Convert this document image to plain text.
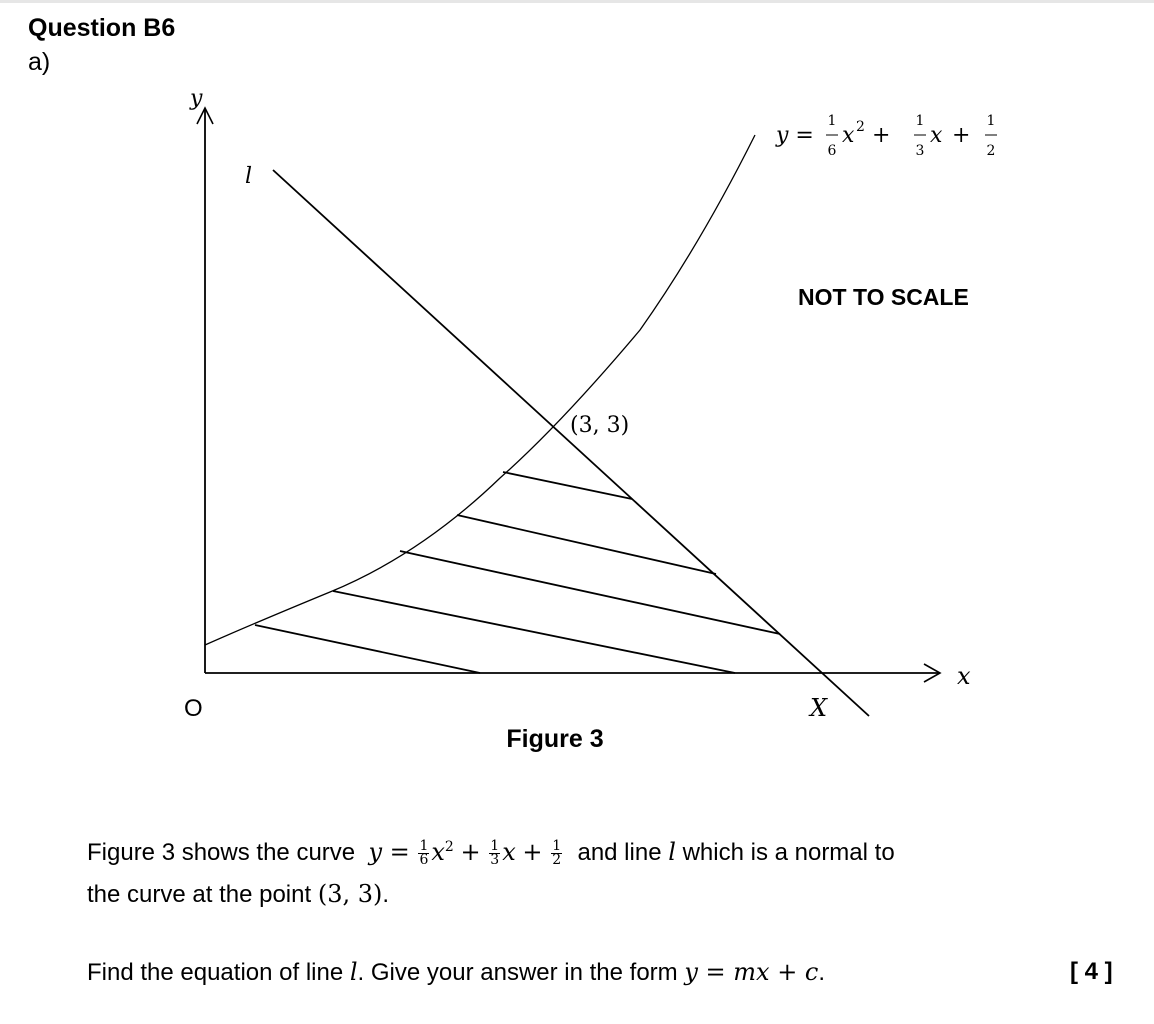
Question B6
a)
y
x
O
l
y =
1
6
x 2 +
1
3
x +
1
2
NOT TO SCALE
(3, 3)
X
Figure 3
Figure 3 shows the curve $y = \frac{1}{6} x^2 + \frac{1}{3}$ $x + \frac{1}{2}$ and line l which is a normal to
the curve at the point (3, 3).
Find the equation of line l. Give your answer in the form y = mx + c.	[ 4 ]
